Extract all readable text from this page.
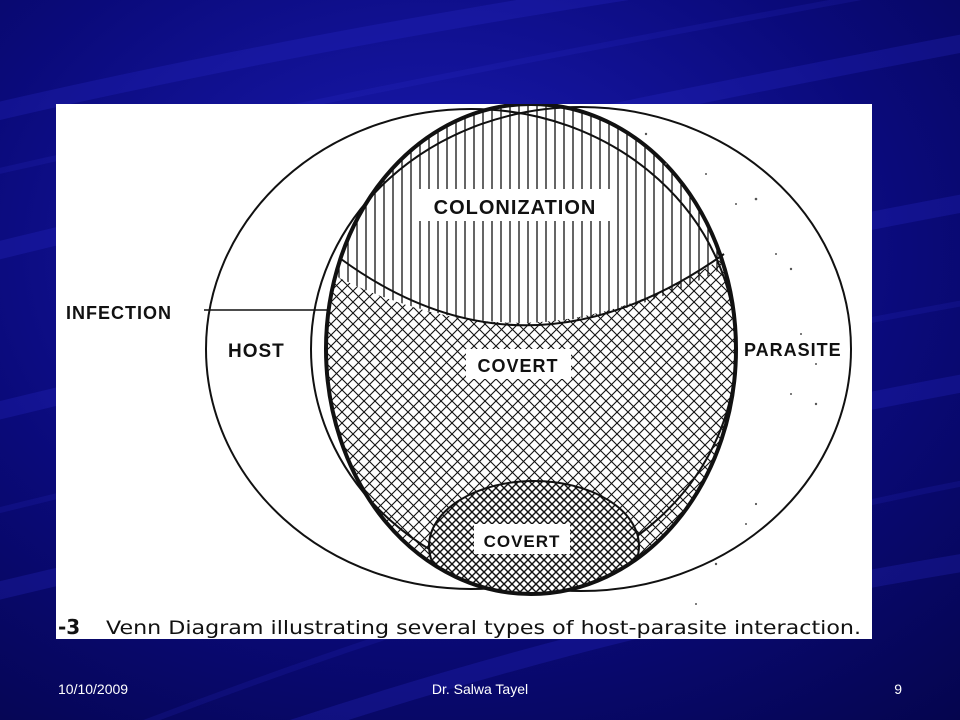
COLONIZATION
INFECTION
HOST	PARASITE
COVERT
COVERT
-3 Venn Diagram illustrating several types of host-parasite interaction.
10/10/2009	Dr. Salwa Tayel	9
